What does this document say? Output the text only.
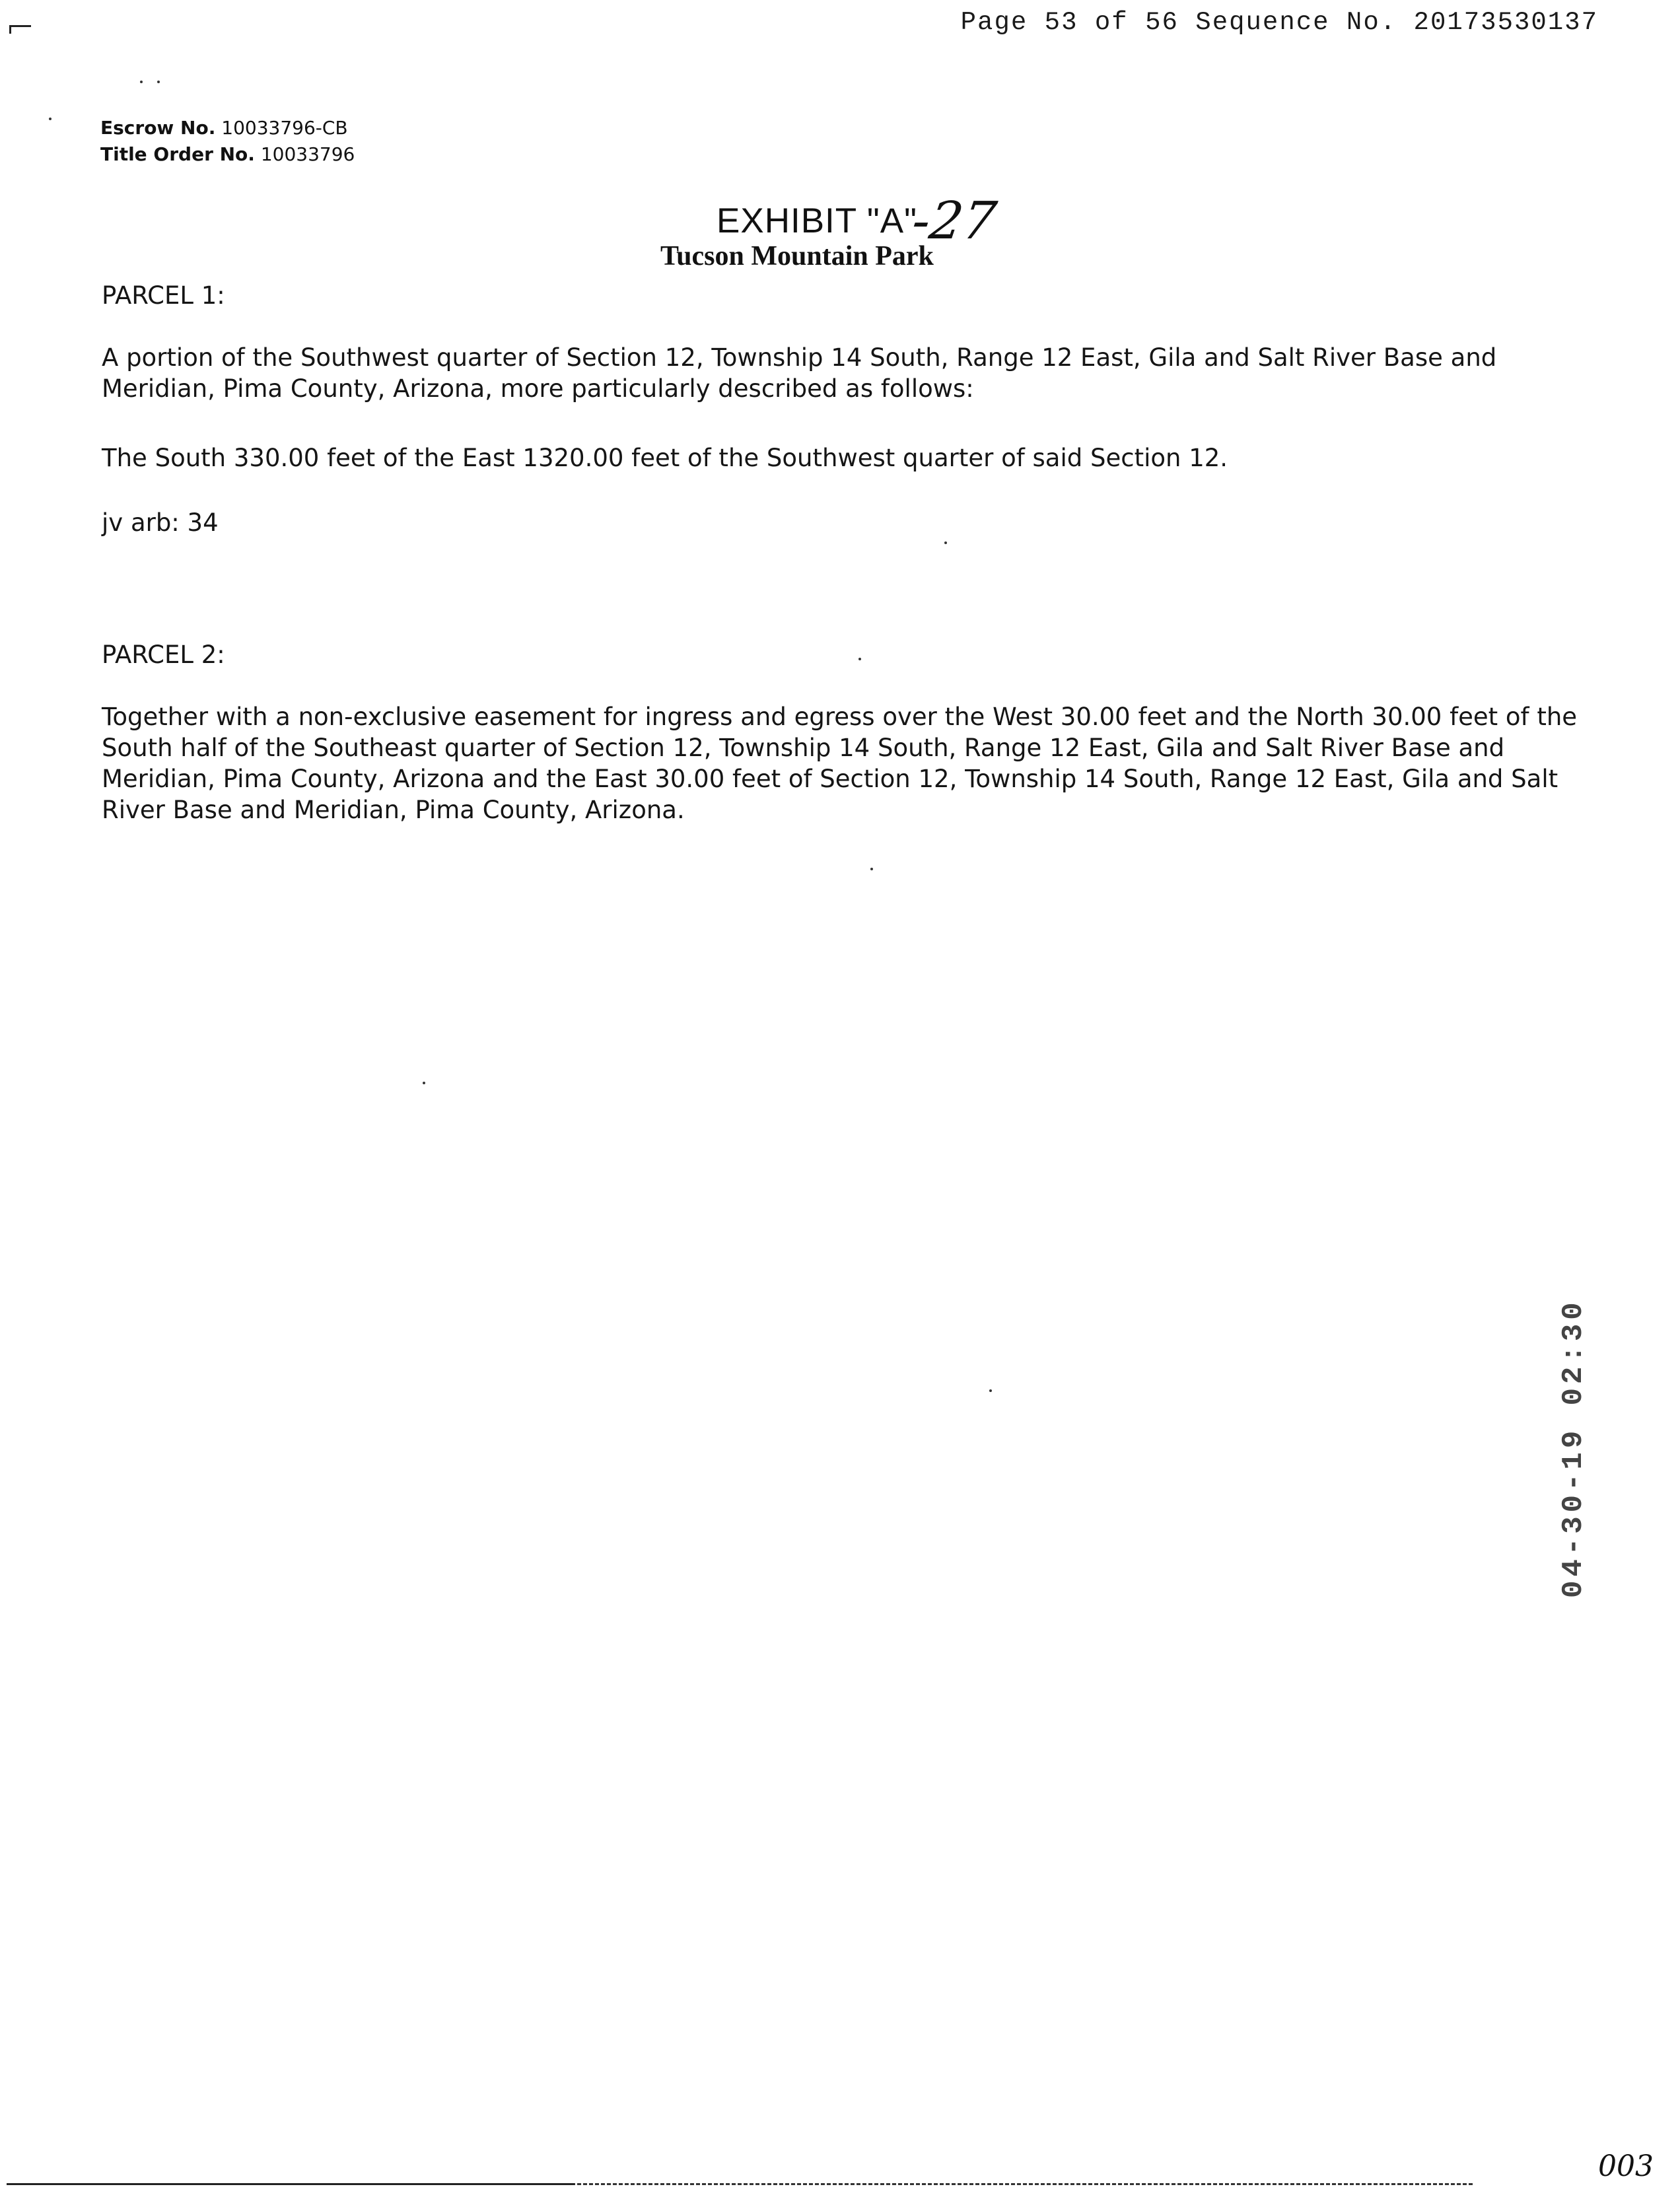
Page 53 of 56 Sequence No. 20173530137
Escrow No. 10033796-CB
Title Order No. 10033796
EXHIBIT "A"
-27
Tucson Mountain Park
PARCEL 1:
A portion of the Southwest quarter of Section 12, Township 14 South, Range 12 East, Gila and Salt River Base and Meridian, Pima County, Arizona, more particularly described as follows:
The South 330.00 feet of the East 1320.00 feet of the Southwest quarter of said Section 12.
jv arb: 34
PARCEL 2:
Together with a non-exclusive easement for ingress and egress over the West 30.00 feet and the North 30.00 feet of the South half of the Southeast quarter of Section 12, Township 14 South, Range 12 East, Gila and Salt River Base and Meridian, Pima County, Arizona and the East 30.00 feet of Section 12, Township 14 South, Range 12 East, Gila and Salt River Base and Meridian, Pima County, Arizona.
04-30-19 02:30
003
